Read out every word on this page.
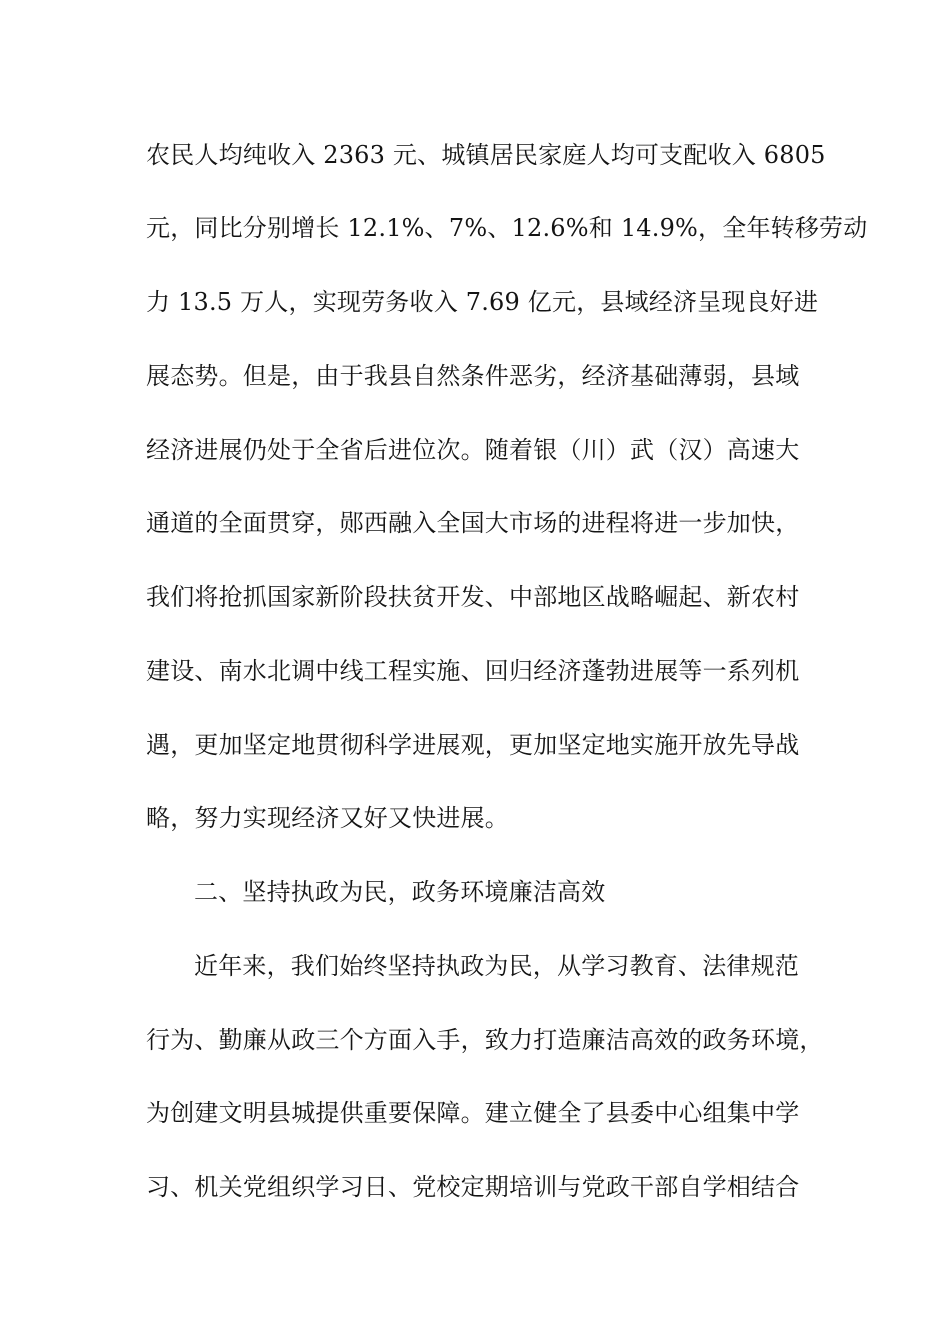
农民人均纯收入 2363 元、城镇居民家庭人均可支配收入 6805
元，同比分别增长 12.1%、7%、12.6%和 14.9%，全年转移劳动
力 13.5 万人，实现劳务收入 7.69 亿元，县域经济呈现良好进
展态势。但是，由于我县自然条件恶劣，经济基础薄弱，县域
经济进展仍处于全省后进位次。随着银（川）武（汉）高速大
通道的全面贯穿，郧西融入全国大市场的进程将进一步加快，
我们将抢抓国家新阶段扶贫开发、中部地区战略崛起、新农村
建设、南水北调中线工程实施、回归经济蓬勃进展等一系列机
遇，更加坚定地贯彻科学进展观，更加坚定地实施开放先导战
略，努力实现经济又好又快进展。
二、坚持执政为民，政务环境廉洁高效
近年来，我们始终坚持执政为民，从学习教育、法律规范
行为、勤廉从政三个方面入手，致力打造廉洁高效的政务环境，
为创建文明县城提供重要保障。建立健全了县委中心组集中学
习、机关党组织学习日、党校定期培训与党政干部自学相结合
